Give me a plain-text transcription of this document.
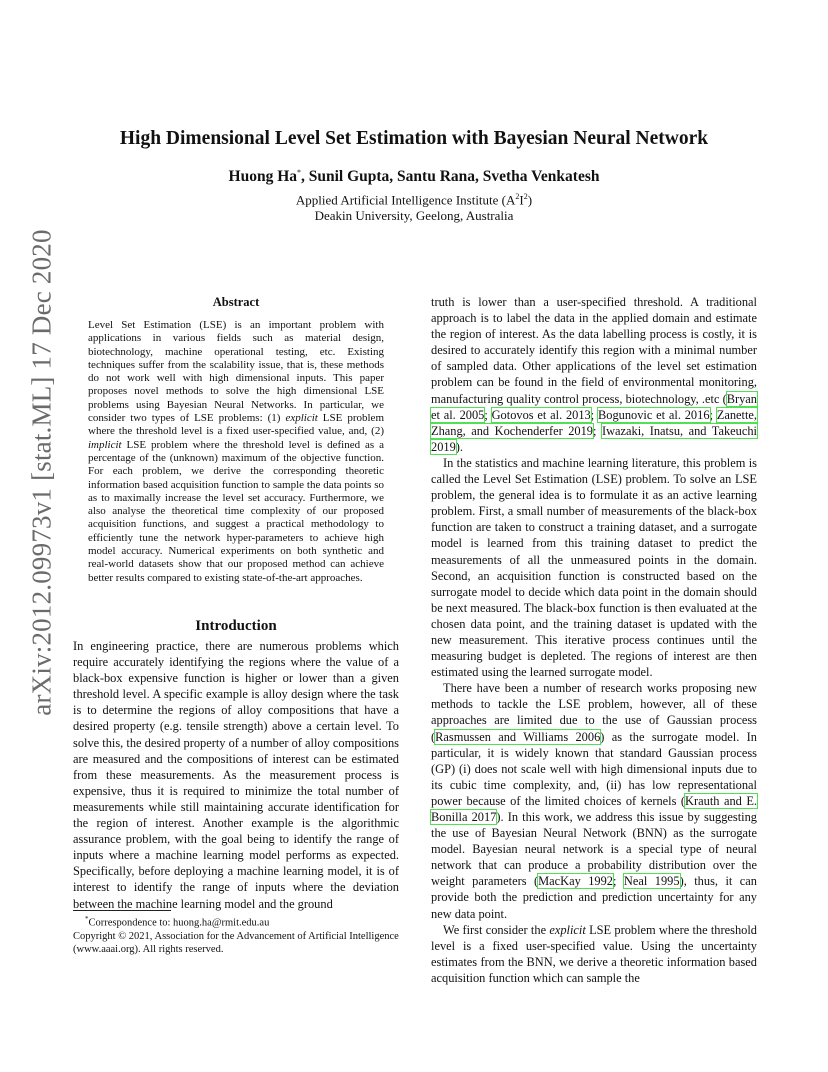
arXiv:2012.09973v1 [stat.ML] 17 Dec 2020
High Dimensional Level Set Estimation with Bayesian Neural Network
Huong Ha*, Sunil Gupta, Santu Rana, Svetha Venkatesh
Applied Artificial Intelligence Institute $(A^2I^2)$
Deakin University, Geelong, Australia
Abstract

Level Set Estimation (LSE) is an important problem with applications in various fields such as material design, biotechnology, machine operational testing, etc. Existing techniques suffer from the scalability issue, that is, these methods do not work well with high dimensional inputs. This paper proposes novel methods to solve the high dimensional LSE problems using Bayesian Neural Networks. In particular, we consider two types of LSE problems: (1) explicit LSE problem where the threshold level is a fixed user-specified value, and, (2) implicit LSE problem where the threshold level is defined as a percentage of the (unknown) maximum of the objective function. For each problem, we derive the corresponding theoretic information based acquisition function to sample the data points so as to maximally increase the level set accuracy. Furthermore, we also analyse the theoretical time complexity of our proposed acquisition functions, and suggest a practical methodology to efficiently tune the network hyper-parameters to achieve high model accuracy. Numerical experiments on both synthetic and real-world datasets show that our proposed method can achieve better results compared to existing state-of-the-art approaches.

Introduction

In engineering practice, there are numerous problems which require accurately identifying the regions where the value of a black-box expensive function is higher or lower than a given threshold level. A specific example is alloy design where the task is to determine the regions of alloy compositions that have a desired property (e.g. tensile strength) above a certain level. To solve this, the desired property of a number of alloy compositions are measured and the compositions of interest can be estimated from these measurements. As the measurement process is expensive, thus it is required to minimize the total number of measurements while still maintaining accurate identification for the region of interest. Another example is the algorithmic assurance problem, with the goal being to identify the range of inputs where a machine learning model performs as expected. Specifically, before deploying a machine learning model, it is of interest to identify the range of inputs where the deviation between the machine learning model and the ground

truth is lower than a user-specified threshold. A traditional approach is to label the data in the applied domain and estimate the region of interest. As the data labelling process is costly, it is desired to accurately identify this region with a minimal number of sampled data. Other applications of the level set estimation problem can be found in the field of environmental monitoring, manufacturing quality control process, biotechnology, .etc (Bryan et al. 2005; Gotovos et al. 2013; Bogunovic et al. 2016; Zanette, Zhang, and Kochenderfer 2019; Iwazaki, Inatsu, and Takeuchi 2019).

In the statistics and machine learning literature, this problem is called the Level Set Estimation (LSE) problem. To solve an LSE problem, the general idea is to formulate it as an active learning problem. First, a small number of measurements of the black-box function are taken to construct a training dataset, and a surrogate model is learned from this training dataset to predict the measurements of all the unmeasured points in the domain. Second, an acquisition function is constructed based on the surrogate model to decide which data point in the domain should be next measured. The black-box function is then evaluated at the chosen data point, and the training dataset is updated with the new measurement. This iterative process continues until the measuring budget is depleted. The regions of interest are then estimated using the learned surrogate model.

There have been a number of research works proposing new methods to tackle the LSE problem, however, all of these approaches are limited due to the use of Gaussian process (Rasmussen and Williams 2006) as the surrogate model. In particular, it is widely known that standard Gaussian process (GP) (i) does not scale well with high dimensional inputs due to its cubic time complexity, and, (ii) has low representational power because of the limited choices of kernels (Krauth and E. Bonilla 2017). In this work, we address this issue by suggesting the use of Bayesian Neural Network (BNN) as the surrogate model. Bayesian neural network is a special type of neural network that can produce a probability distribution over the weight parameters (MacKay 1992; Neal 1995), thus, it can provide both the prediction and prediction uncertainty for any new data point.

We first consider the explicit LSE problem where the threshold level is a fixed user-specified value. Using the uncertainty estimates from the BNN, we derive a theoretic information based acquisition function which can sample the

*Correspondence to: huong.ha@rmit.edu.au
Copyright © 2021, Association for the Advancement of Artificial Intelligence (www.aaai.org). All rights reserved.
